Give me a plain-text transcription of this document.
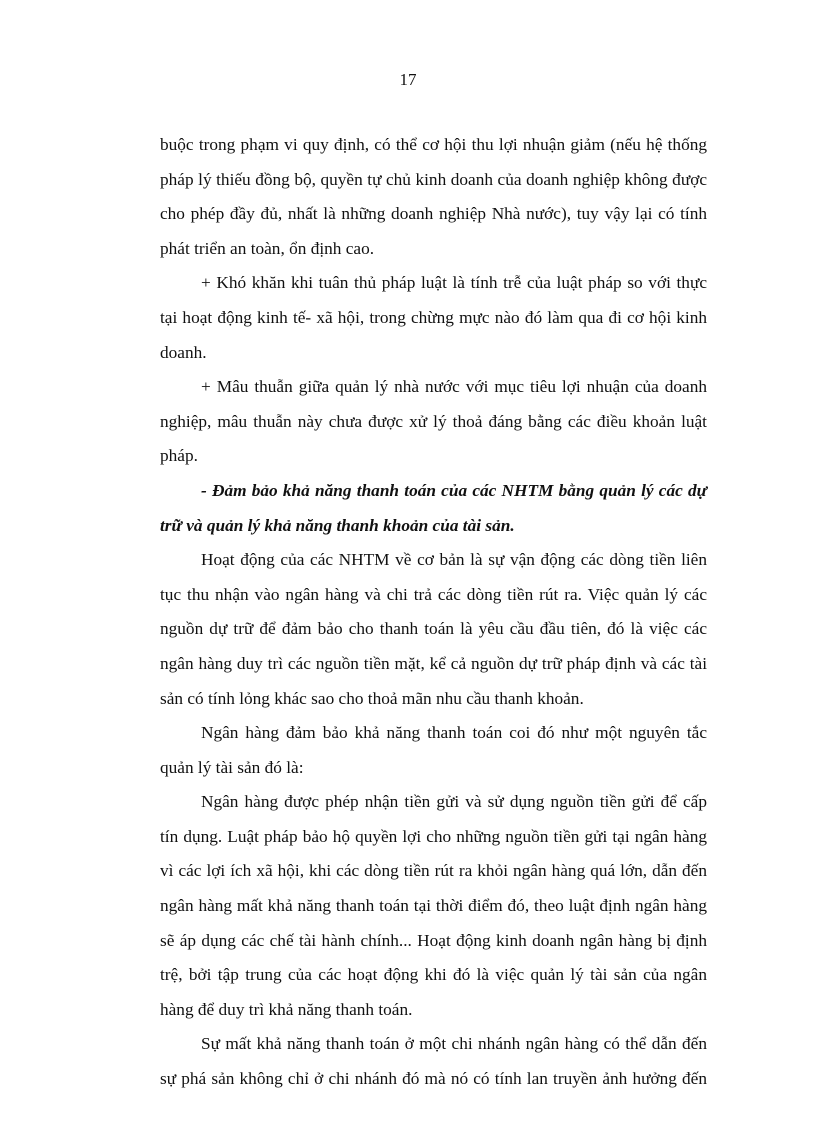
17
buộc trong phạm vi quy định, có thể cơ hội thu lợi nhuận giảm (nếu hệ thống
pháp lý thiếu đồng bộ, quyền tự chủ kinh doanh của doanh nghiệp không được
cho phép đầy đủ, nhất là những doanh nghiệp Nhà nước), tuy vậy lại có tính
phát triển an toàn, ổn định cao.
+ Khó khăn khi tuân thủ pháp luật là tính trễ của luật pháp so với thực
tại hoạt động kinh tế- xã hội, trong chừng mực nào đó làm qua đi cơ hội kinh
doanh.
+ Mâu thuẫn giữa quản lý nhà nước với mục tiêu lợi nhuận của doanh
nghiệp, mâu thuẫn này chưa được xử lý thoả đáng bằng các điều khoản luật
pháp.
- Đảm bảo khả năng thanh toán của các NHTM bằng quản lý các dự
trữ và quản lý khả năng thanh khoản của tài sản.
Hoạt động của các NHTM về cơ bản là sự vận động các dòng tiền liên
tục thu nhận vào ngân hàng và chi trả các dòng tiền rút ra. Việc quản lý các
nguồn dự trữ để đảm bảo cho thanh toán là yêu cầu đầu tiên, đó là việc các
ngân hàng duy trì các nguồn tiền mặt, kể cả nguồn dự trữ pháp định và các tài
sản có tính lỏng khác sao cho thoả mãn nhu cầu thanh khoản.
Ngân hàng đảm bảo khả năng thanh toán coi đó như một nguyên tắc
quản lý tài sản đó là:
Ngân hàng được phép nhận tiền gửi và sử dụng nguồn tiền gửi để cấp
tín dụng. Luật pháp bảo hộ quyền lợi cho những nguồn tiền gửi tại ngân hàng
vì các lợi ích xã hội, khi các dòng tiền rút ra khỏi ngân hàng quá lớn, dẫn đến
ngân hàng mất khả năng thanh toán tại thời điểm đó, theo luật định ngân hàng
sẽ áp dụng các chế tài hành chính... Hoạt động kinh doanh ngân hàng bị định
trệ, bởi tập trung của các hoạt động khi đó là việc quản lý tài sản của ngân
hàng để duy trì khả năng thanh toán.
Sự mất khả năng thanh toán ở một chi nhánh ngân hàng có thể dẫn đến
sự phá sản không chỉ ở chi nhánh đó mà nó có tính lan truyền ảnh hưởng đến
